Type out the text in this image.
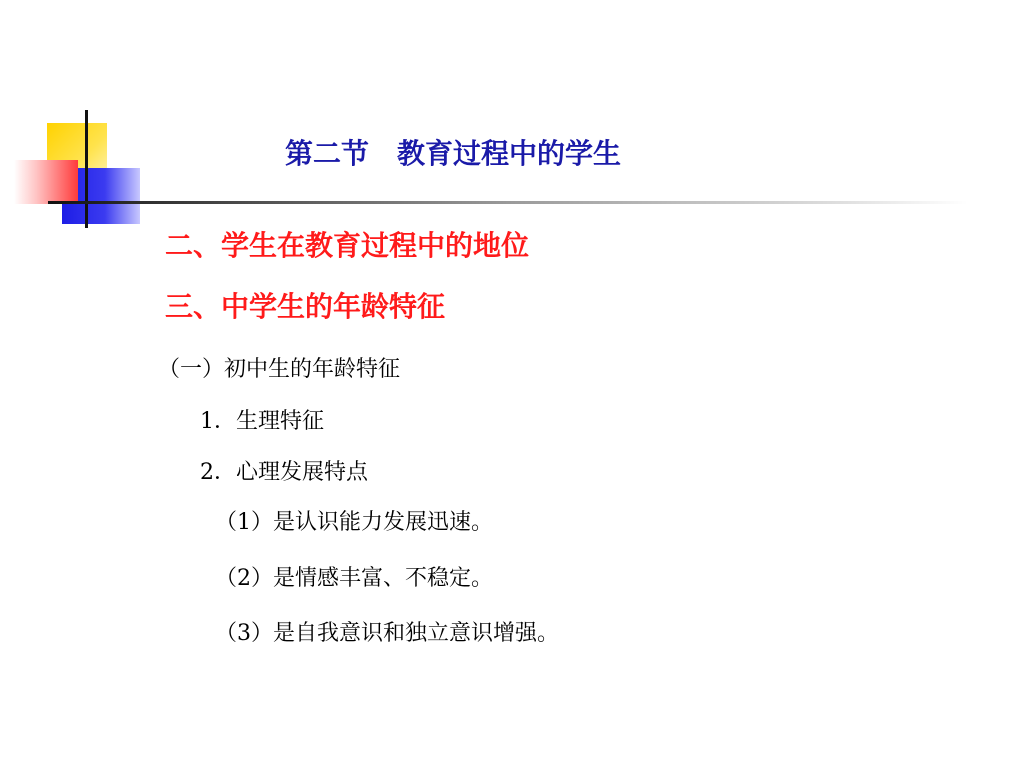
第二节　教育过程中的学生
二、学生在教育过程中的地位
三、中学生的年龄特征
（一）初中生的年龄特征
1．生理特征
2．心理发展特点
（1）是认识能力发展迅速。
（2）是情感丰富、不稳定。
（3）是自我意识和独立意识增强。
